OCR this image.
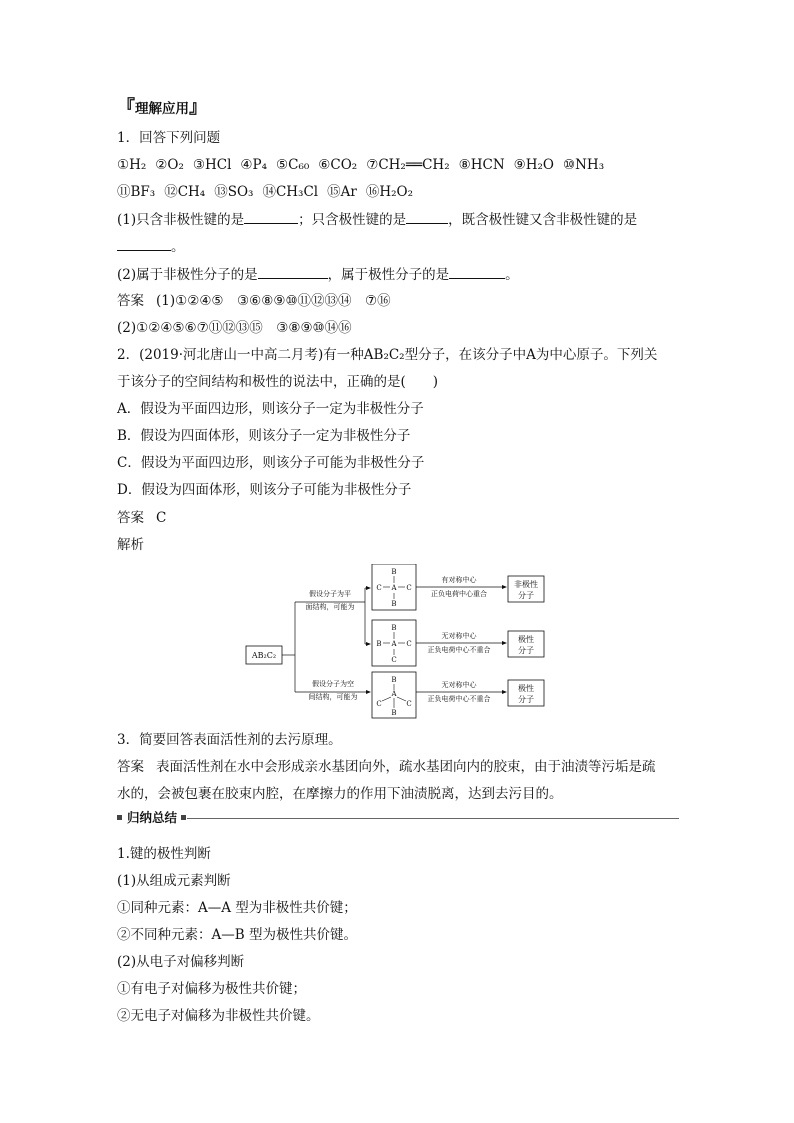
『理解应用』
1．回答下列问题
①H₂ ②O₂ ③HCl ④P₄ ⑤C₆₀ ⑥CO₂ ⑦CH₂══CH₂ ⑧HCN ⑨H₂O ⑩NH₃
⑪BF₃ ⑫CH₄ ⑬SO₃ ⑭CH₃Cl ⑮Ar ⑯H₂O₂
(1)只含非极性键的是	；只含极性键的是	，既含极性键又含非极性键的是
。
(2)属于非极性分子的是	，属于极性分子的是	。
答案 (1)①②④⑤　③⑥⑧⑨⑩⑪⑫⑬⑭　⑦⑯
(2)①②④⑤⑥⑦⑪⑫⑬⑮　③⑧⑨⑩⑭⑯
2．(2019·河北唐山一中高二月考)有一种AB₂C₂型分子，在该分子中A为中心原子。下列关
于该分子的空间结构和极性的说法中，正确的是(　　)
A．假设为平面四边形，则该分子一定为非极性分子
B．假设为四面体形，则该分子一定为非极性分子
C．假设为平面四边形，则该分子可能为非极性分子
D．假设为四面体形，则该分子可能为非极性分子
答案 C
解析
AB₂C₂
假设分子为平
面结构，可能为
假设分子为空
间结构，可能为
B
A
C	C
B
B
A
B	C
C
B
A
C	C
B
有对称中心
正负电荷中心重合
无对称中心
正负电荷中心不重合
无对称中心
正负电荷中心不重合
非极性
分子
极性
分子
极性
分子
3．简要回答表面活性剂的去污原理。
答案 表面活性剂在水中会形成亲水基团向外，疏水基团向内的胶束，由于油渍等污垢是疏
水的，会被包裹在胶束内腔，在摩擦力的作用下油渍脱离，达到去污目的。
归纳总结
1.键的极性判断
(1)从组成元素判断
①同种元素：A—A 型为非极性共价键；
②不同种元素：A—B 型为极性共价键。
(2)从电子对偏移判断
①有电子对偏移为极性共价键；
②无电子对偏移为非极性共价键。
